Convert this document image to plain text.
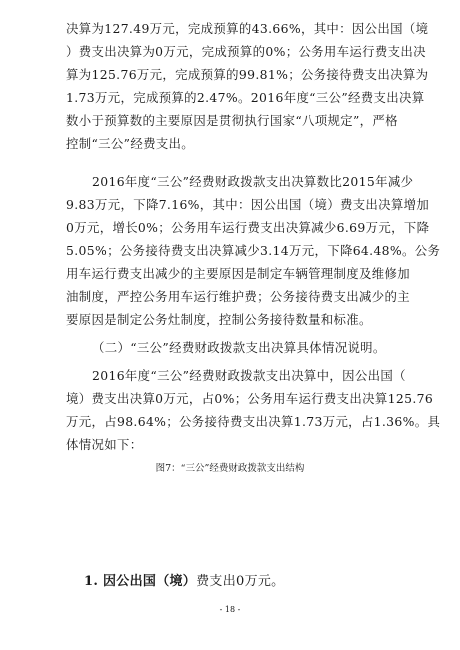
决算为127.49万元，完成预算的43.66%，其中：因公出国（境
）费支出决算为0万元，完成预算的0%；公务用车运行费支出决
算为125.76万元，完成预算的99.81%；公务接待费支出决算为
1.73万元，完成预算的2.47%。2016年度“三公”经费支出决算
数小于预算数的主要原因是贯彻执行国家“八项规定”，严格
控制“三公”经费支出。
2016年度“三公”经费财政拨款支出决算数比2015年减少
9.83万元，下降7.16%，其中：因公出国（境）费支出决算增加
0万元，增长0%；公务用车运行费支出决算减少6.69万元，下降
5.05%；公务接待费支出决算减少3.14万元，下降64.48%。公务
用车运行费支出减少的主要原因是制定车辆管理制度及维修加
油制度，严控公务用车运行维护费；公务接待费支出减少的主
要原因是制定公务灶制度，控制公务接待数量和标准。
（二）“三公”经费财政拨款支出决算具体情况说明。
2016年度“三公”经费财政拨款支出决算中，因公出国（
境）费支出决算0万元，占0%；公务用车运行费支出决算125.76
万元，占98.64%；公务接待费支出决算1.73万元，占1.36%。具
体情况如下：
图7：“三公”经费财政拨款支出结构
1. 因公出国（境）费支出0万元。
- 18 -
